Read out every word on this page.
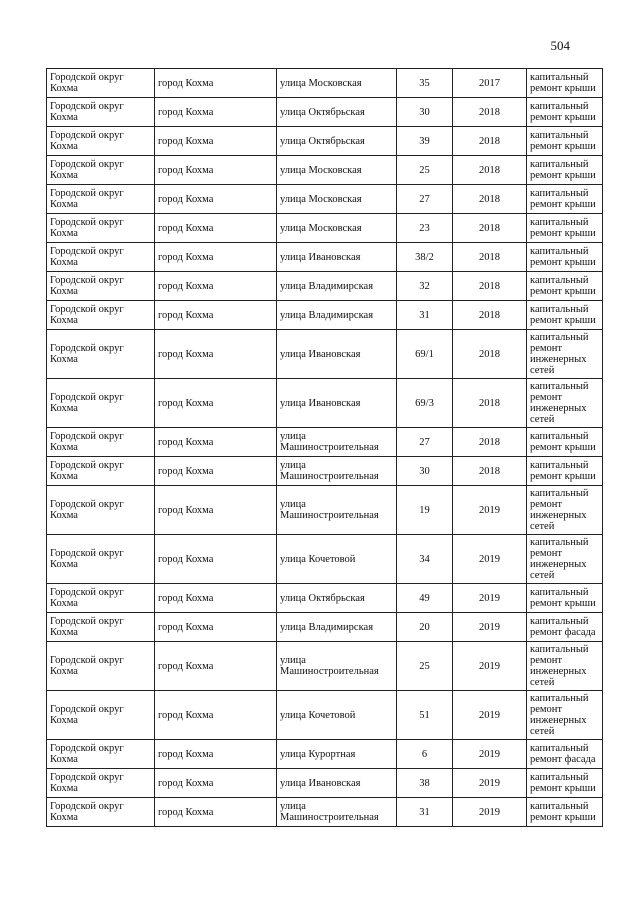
504
Городской округ Кохма	город Кохма	улица Московская	35	2017	капитальный ремонт крыши
Городской округ Кохма	город Кохма	улица Октябрьская	30	2018	капитальный ремонт крыши
Городской округ Кохма	город Кохма	улица Октябрьская	39	2018	капитальный ремонт крыши
Городской округ Кохма	город Кохма	улица Московская	25	2018	капитальный ремонт крыши
Городской округ Кохма	город Кохма	улица Московская	27	2018	капитальный ремонт крыши
Городской округ Кохма	город Кохма	улица Московская	23	2018	капитальный ремонт крыши
Городской округ Кохма	город Кохма	улица Ивановская	38/2	2018	капитальный ремонт крыши
Городской округ Кохма	город Кохма	улица Владимирская	32	2018	капитальный ремонт крыши
Городской округ Кохма	город Кохма	улица Владимирская	31	2018	капитальный ремонт крыши
Городской округ Кохма	город Кохма	улица Ивановская	69/1	2018	капитальный ремонт инженерных сетей
Городской округ Кохма	город Кохма	улица Ивановская	69/3	2018	капитальный ремонт инженерных сетей
Городской округ Кохма	город Кохма	улица Машиностроительная	27	2018	капитальный ремонт крыши
Городской округ Кохма	город Кохма	улица Машиностроительная	30	2018	капитальный ремонт крыши
Городской округ Кохма	город Кохма	улица Машиностроительная	19	2019	капитальный ремонт инженерных сетей
Городской округ Кохма	город Кохма	улица Кочетовой	34	2019	капитальный ремонт инженерных сетей
Городской округ Кохма	город Кохма	улица Октябрьская	49	2019	капитальный ремонт крыши
Городской округ Кохма	город Кохма	улица Владимирская	20	2019	капитальный ремонт фасада
Городской округ Кохма	город Кохма	улица Машиностроительная	25	2019	капитальный ремонт инженерных сетей
Городской округ Кохма	город Кохма	улица Кочетовой	51	2019	капитальный ремонт инженерных сетей
Городской округ Кохма	город Кохма	улица Курортная	6	2019	капитальный ремонт фасада
Городской округ Кохма	город Кохма	улица Ивановская	38	2019	капитальный ремонт крыши
Городской округ Кохма	город Кохма	улица Машиностроительная	31	2019	капитальный ремонт крыши
